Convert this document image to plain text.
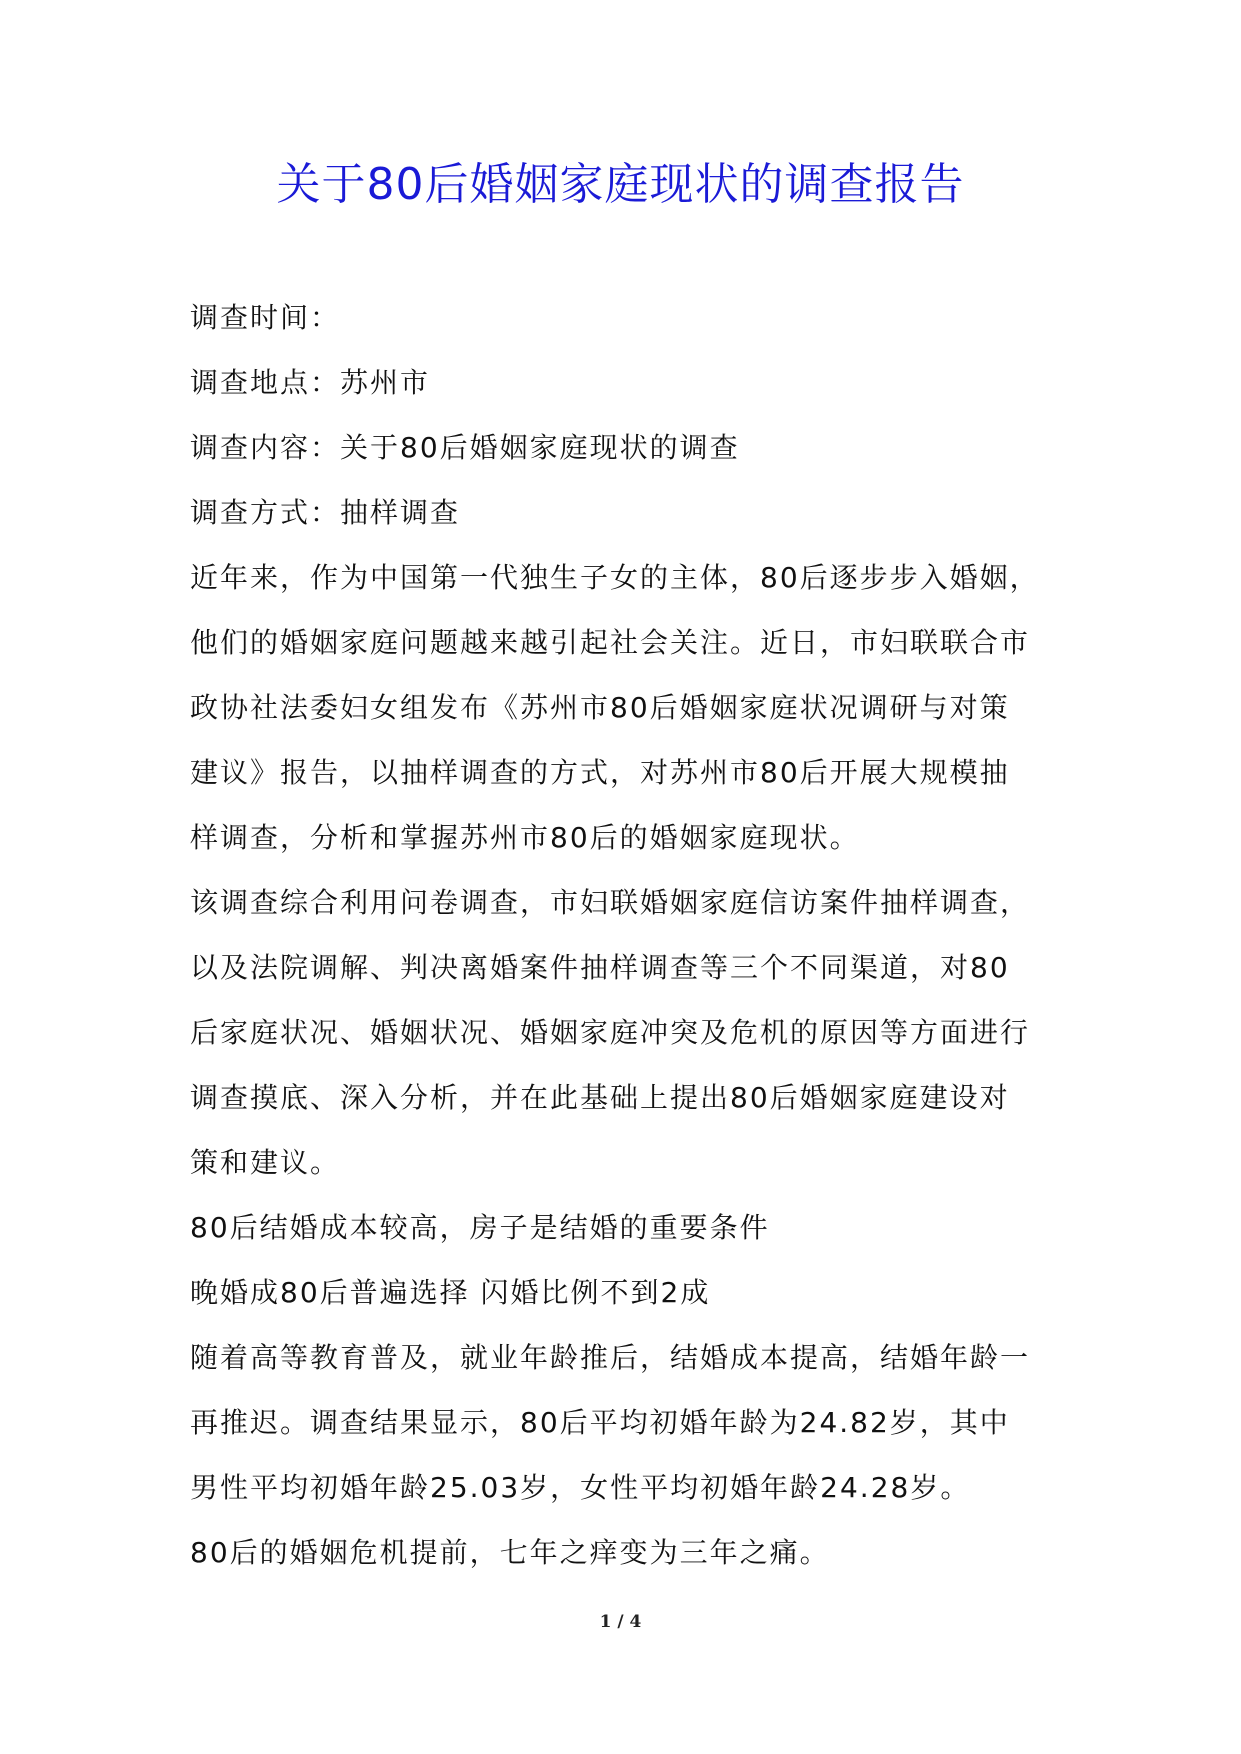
关于80后婚姻家庭现状的调查报告
调查时间：
调查地点：苏州市
调查内容：关于80后婚姻家庭现状的调查
调查方式：抽样调查
近年来，作为中国第一代独生子女的主体，80后逐步步入婚姻，
他们的婚姻家庭问题越来越引起社会关注。近日，市妇联联合市
政协社法委妇女组发布《苏州市80后婚姻家庭状况调研与对策
建议》报告，以抽样调查的方式，对苏州市80后开展大规模抽
样调查，分析和掌握苏州市80后的婚姻家庭现状。
该调查综合利用问卷调查，市妇联婚姻家庭信访案件抽样调查，
以及法院调解、判决离婚案件抽样调查等三个不同渠道，对80
后家庭状况、婚姻状况、婚姻家庭冲突及危机的原因等方面进行
调查摸底、深入分析，并在此基础上提出80后婚姻家庭建设对
策和建议。
80后结婚成本较高，房子是结婚的重要条件
晚婚成80后普遍选择 闪婚比例不到2成
随着高等教育普及，就业年龄推后，结婚成本提高，结婚年龄一
再推迟。调查结果显示，80后平均初婚年龄为24.82岁，其中
男性平均初婚年龄25.03岁，女性平均初婚年龄24.28岁。
80后的婚姻危机提前，七年之痒变为三年之痛。
1 / 4
